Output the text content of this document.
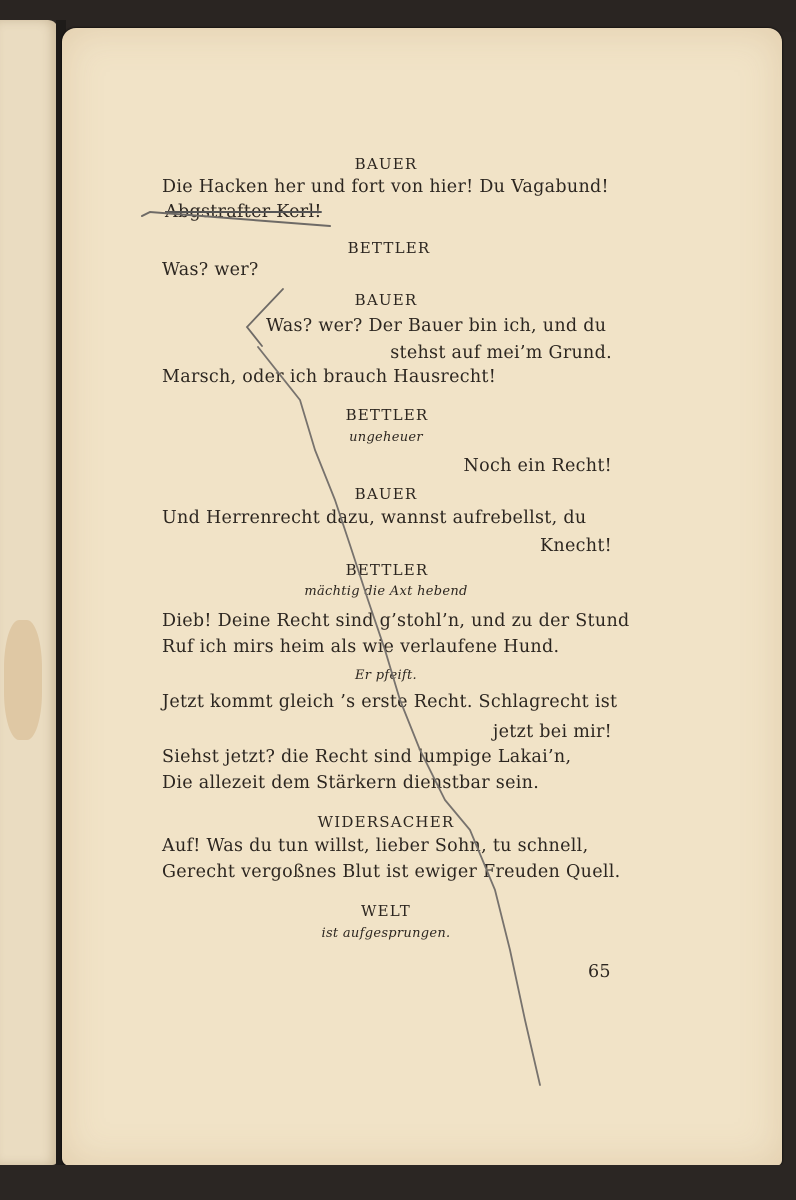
BAUER
Die Hacken her und fort von hier! Du Vagabund!
Abgstrafter Kerl!
BETTLER
Was? wer?
BAUER
Was? wer? Der Bauer bin ich, und du
stehst auf mei’m Grund.
Marsch, oder ich brauch Hausrecht!
BETTLER
ungeheuer
Noch ein Recht!
BAUER
Und Herrenrecht dazu, wannst aufrebellst, du
Knecht!
BETTLER
mächtig die Axt hebend
Dieb! Deine Recht sind g’stohl’n, und zu der Stund
Ruf ich mirs heim als wie verlaufene Hund.
Er pfeift.
Jetzt kommt gleich ’s erste Recht. Schlagrecht ist
jetzt bei mir!
Siehst jetzt? die Recht sind lumpige Lakai’n,
Die allezeit dem Stärkern dienstbar sein.
WIDERSACHER
Auf! Was du tun willst, lieber Sohn, tu schnell,
Gerecht vergoßnes Blut ist ewiger Freuden Quell.
WELT
ist aufgesprungen.
65
